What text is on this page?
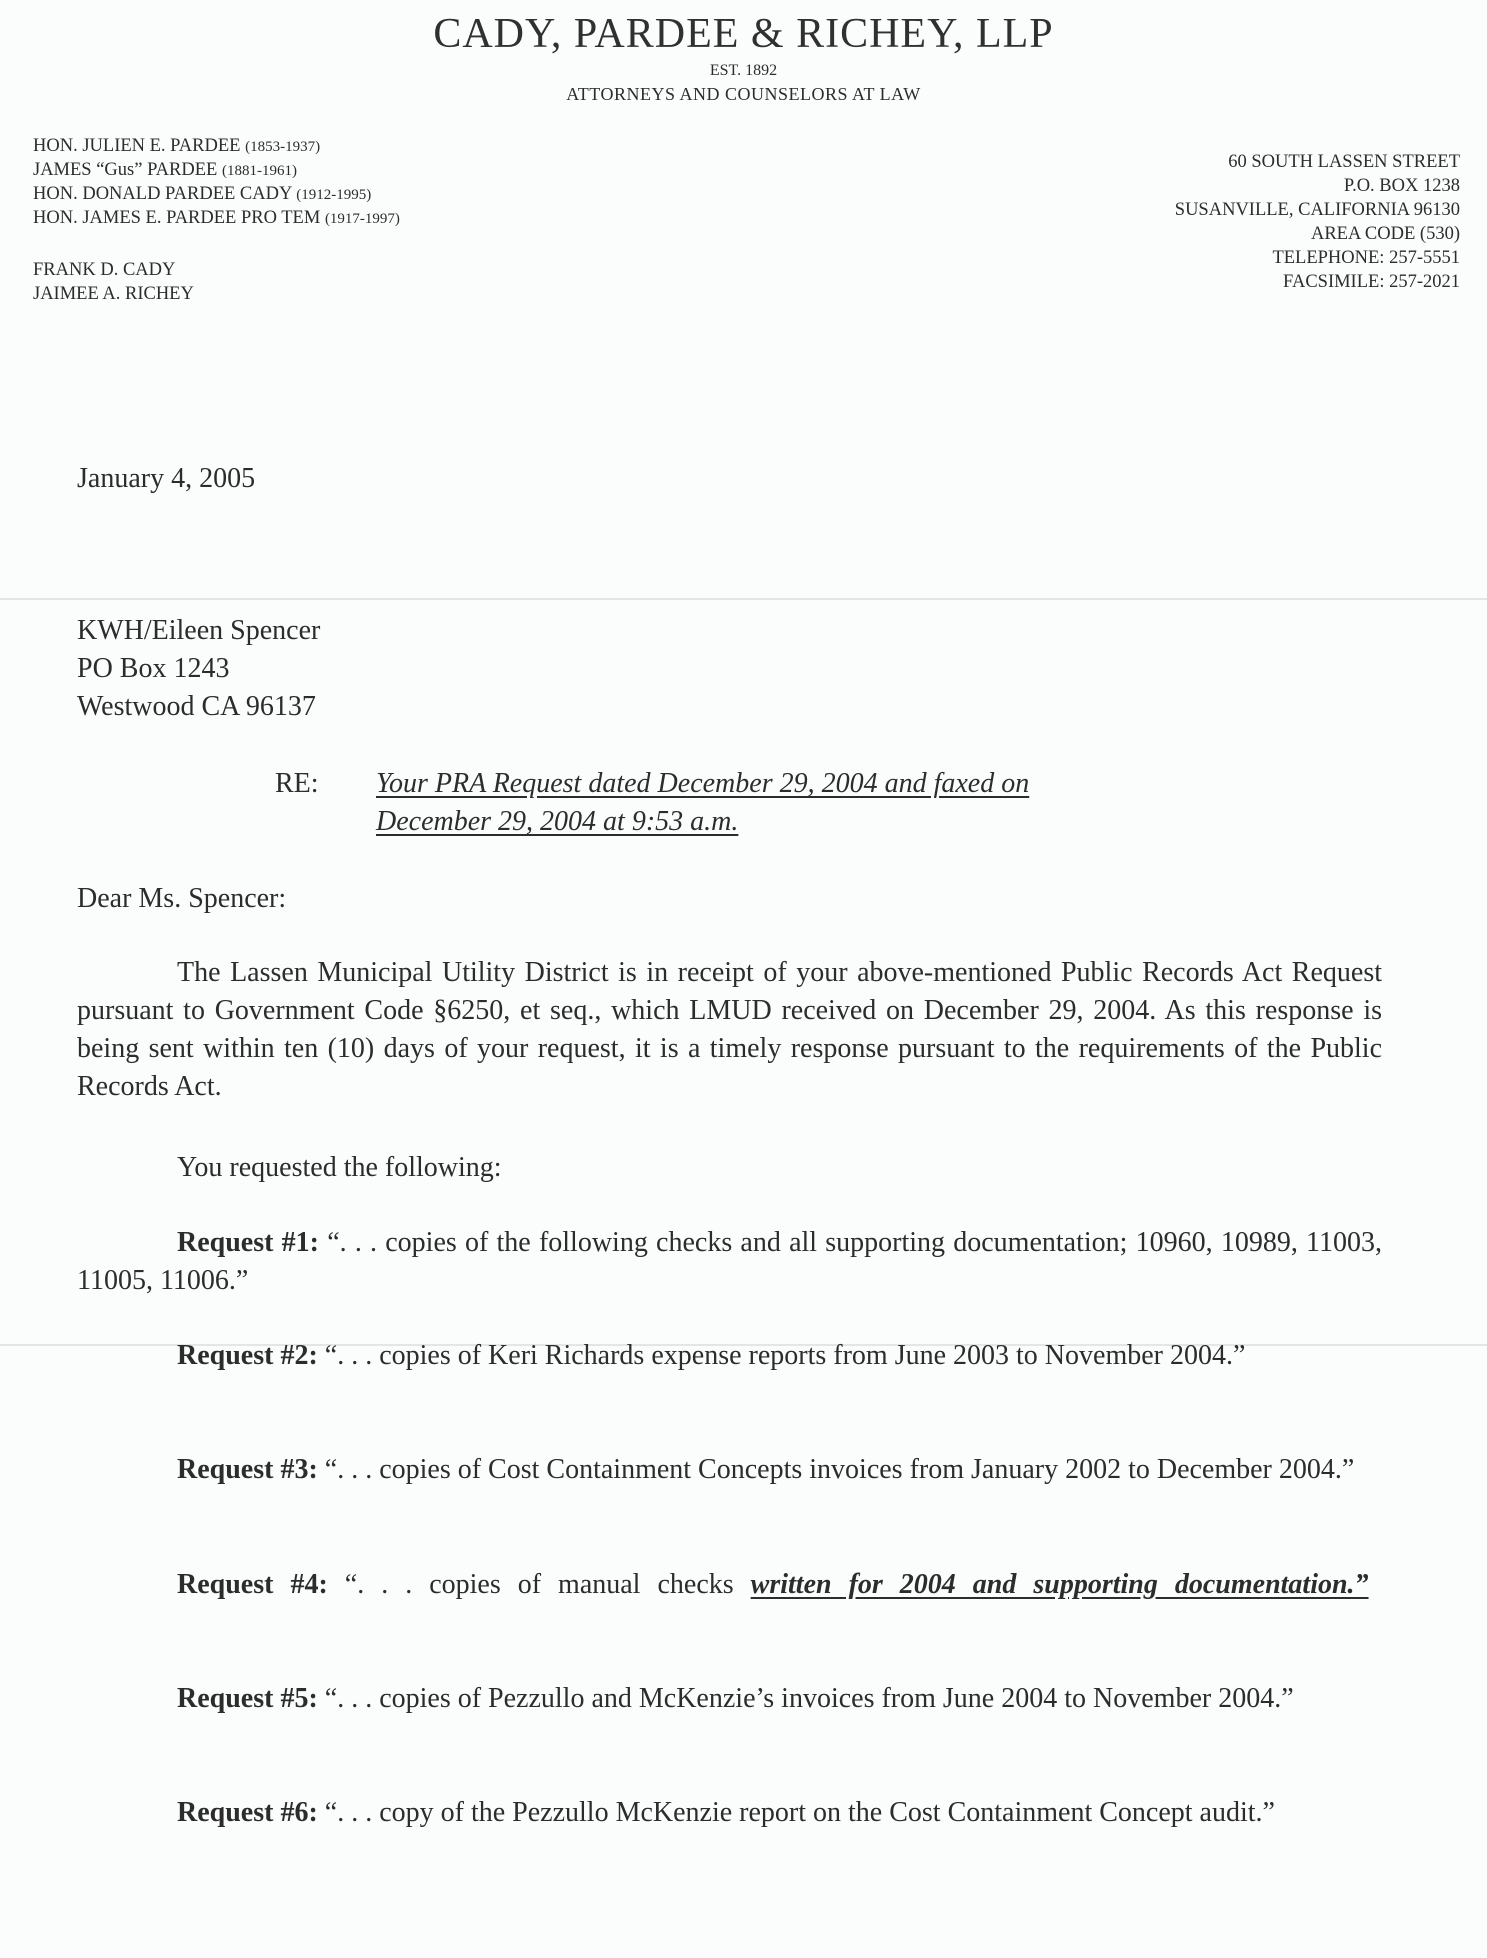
CADY, PARDEE & RICHEY, LLP
EST. 1892
ATTORNEYS AND COUNSELORS AT LAW
HON. JULIEN E. PARDEE (1853-1937)
JAMES “Gus” PARDEE (1881-1961)
HON. DONALD PARDEE CADY (1912-1995)
HON. JAMES E. PARDEE PRO TEM (1917-1997)
FRANK D. CADY
JAIMEE A. RICHEY
60 SOUTH LASSEN STREET
P.O. BOX 1238
SUSANVILLE, CALIFORNIA 96130
AREA CODE (530)
TELEPHONE: 257-5551
FACSIMILE: 257-2021
January 4, 2005
KWH/Eileen Spencer
PO Box 1243
Westwood CA 96137
RE: Your PRA Request dated December 29, 2004 and faxed on
December 29, 2004 at 9:53 a.m.
Dear Ms. Spencer:
The Lassen Municipal Utility District is in receipt of your above-mentioned Public Records Act Request pursuant to Government Code §6250, et seq., which LMUD received on December 29, 2004. As this response is being sent within ten (10) days of your request, it is a timely response pursuant to the requirements of the Public Records Act.
You requested the following:
Request #1: “. . . copies of the following checks and all supporting documentation; 10960, 10989, 11003, 11005, 11006.”
Request #2: “. . . copies of Keri Richards expense reports from June 2003 to November 2004.”
Request #3: “. . . copies of Cost Containment Concepts invoices from January 2002 to December 2004.”
Request #4: “. . . copies of manual checks written for 2004 and supporting documentation.”
Request #5: “. . . copies of Pezzullo and McKenzie’s invoices from June 2004 to November 2004.”
Request #6: “. . . copy of the Pezzullo McKenzie report on the Cost Containment Concept audit.”
